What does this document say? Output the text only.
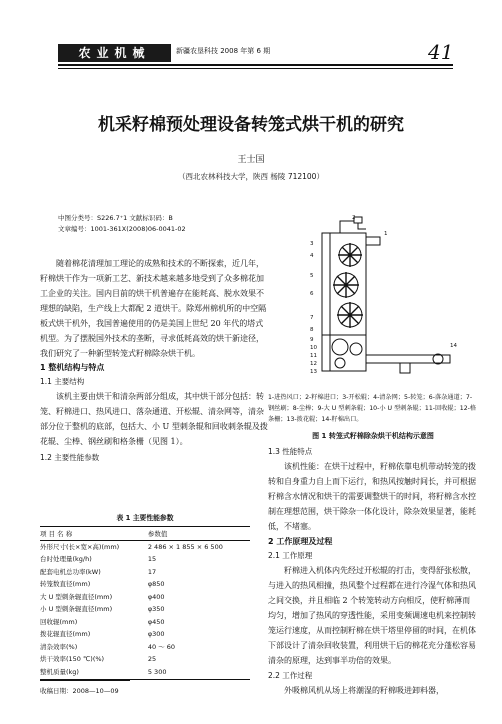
农业机械	新疆农垦科技 2008 年第 6 期	41
机采籽棉预处理设备转笼式烘干机的研究
王士国
（西北农林科技大学，陕西 杨陵 712100）
中图分类号：S226.7⁺1 文献标识码：B
文章编号：1001-361X(2008)06-0041-02
随着棉花清理加工理论的成熟和技术的不断探索，近几年，籽棉烘干作为一项新工艺、新技术越来越多地受到了众多棉花加工企业的关注。国内目前的烘干机普遍存在能耗高、脱水效果不理想的缺陷，生产线上大都配 2 道烘干。除郑州棉机所的中空隔板式烘干机外，我国普遍使用的仍是美国上世纪 20 年代的塔式机型。为了摆脱国外技术的垄断，寻求低耗高效的烘干新途径，我们研究了一种新型转笼式籽棉除杂烘干机。
1 整机结构与特点
1.1 主要结构
该机主要由烘干和清杂两部分组成，其中烘干部分包括：转笼、籽棉进口、热风进口、落杂通道、开松辊、清杂网等，清杂部分位于整机的底部，包括大、小 U 型刺条辊和回收刺条辊及拨花辊、尘棒、钢丝刷和格条栅（见图 1）。
1.2 主要性能参数
表 1 主要性能参数
项 目 名 称	参数值
外形尺寸(长×宽×高)(mm)	2 486 × 1 855 × 6 500
台时处理量(kg/h)	15
配套电机总功率(kW)	17
转笼数直径(mm)	φ850
大 U 型刺条辊直径(mm)	φ400
小 U 型刺条辊直径(mm)	φ350
回收辊(mm)	φ450
拨花辊直径(mm)	φ300
清杂效率(%)	40 ～ 60
烘干效率(150 ℃)(%)	25
整机质量(kg)	5 300
收稿日期：2008—10—09
1
2
3
4
5
6
7
8
9
10
11
12
13
14
1-进热风口；2-籽棉进口；3-开松辊；4-清杂网；5-转笼；6-落杂通道；7-钢丝刷；8-尘棒；9-大 U 型刺条辊；10-小 U 型刺条辊；11-回收辊；12-格条栅；13-拨花辊；14-籽棉出口。
图 1 转笼式籽棉除杂烘干机结构示意图
1.3 性能特点
该机性能：在烘干过程中，籽棉依靠电机带动转笼的拨转和自身重力自上而下运行，和热风按触时间长，并可根据籽棉含水情况和烘干的需要调整烘干的时间，将籽棉含水控制在理想范围，烘干除杂一体化设计，除杂效果显著，能耗低，不堵塞。
2 工作原理及过程
2.1 工作原理
籽棉进入机体内先经过开松辊的打击，变得舒张松散，与进入的热风相撞，热风整个过程都在进行冷湿气体和热风之间交换，并且相临 2 个转笼转动方向相反，使籽棉薄而均匀，增加了热风的穿透性能，采用变频调速电机来控制转笼运行速度，从而控制籽棉在烘干塔里停留的时间，在机体下部设计了清杂回收装置，利用烘干后的棉花充分蓬松容易清杂的原理，达到事半功倍的效果。
2.2 工作过程
外吸棉风机从场上将潮湿的籽棉吸进卸料器，
